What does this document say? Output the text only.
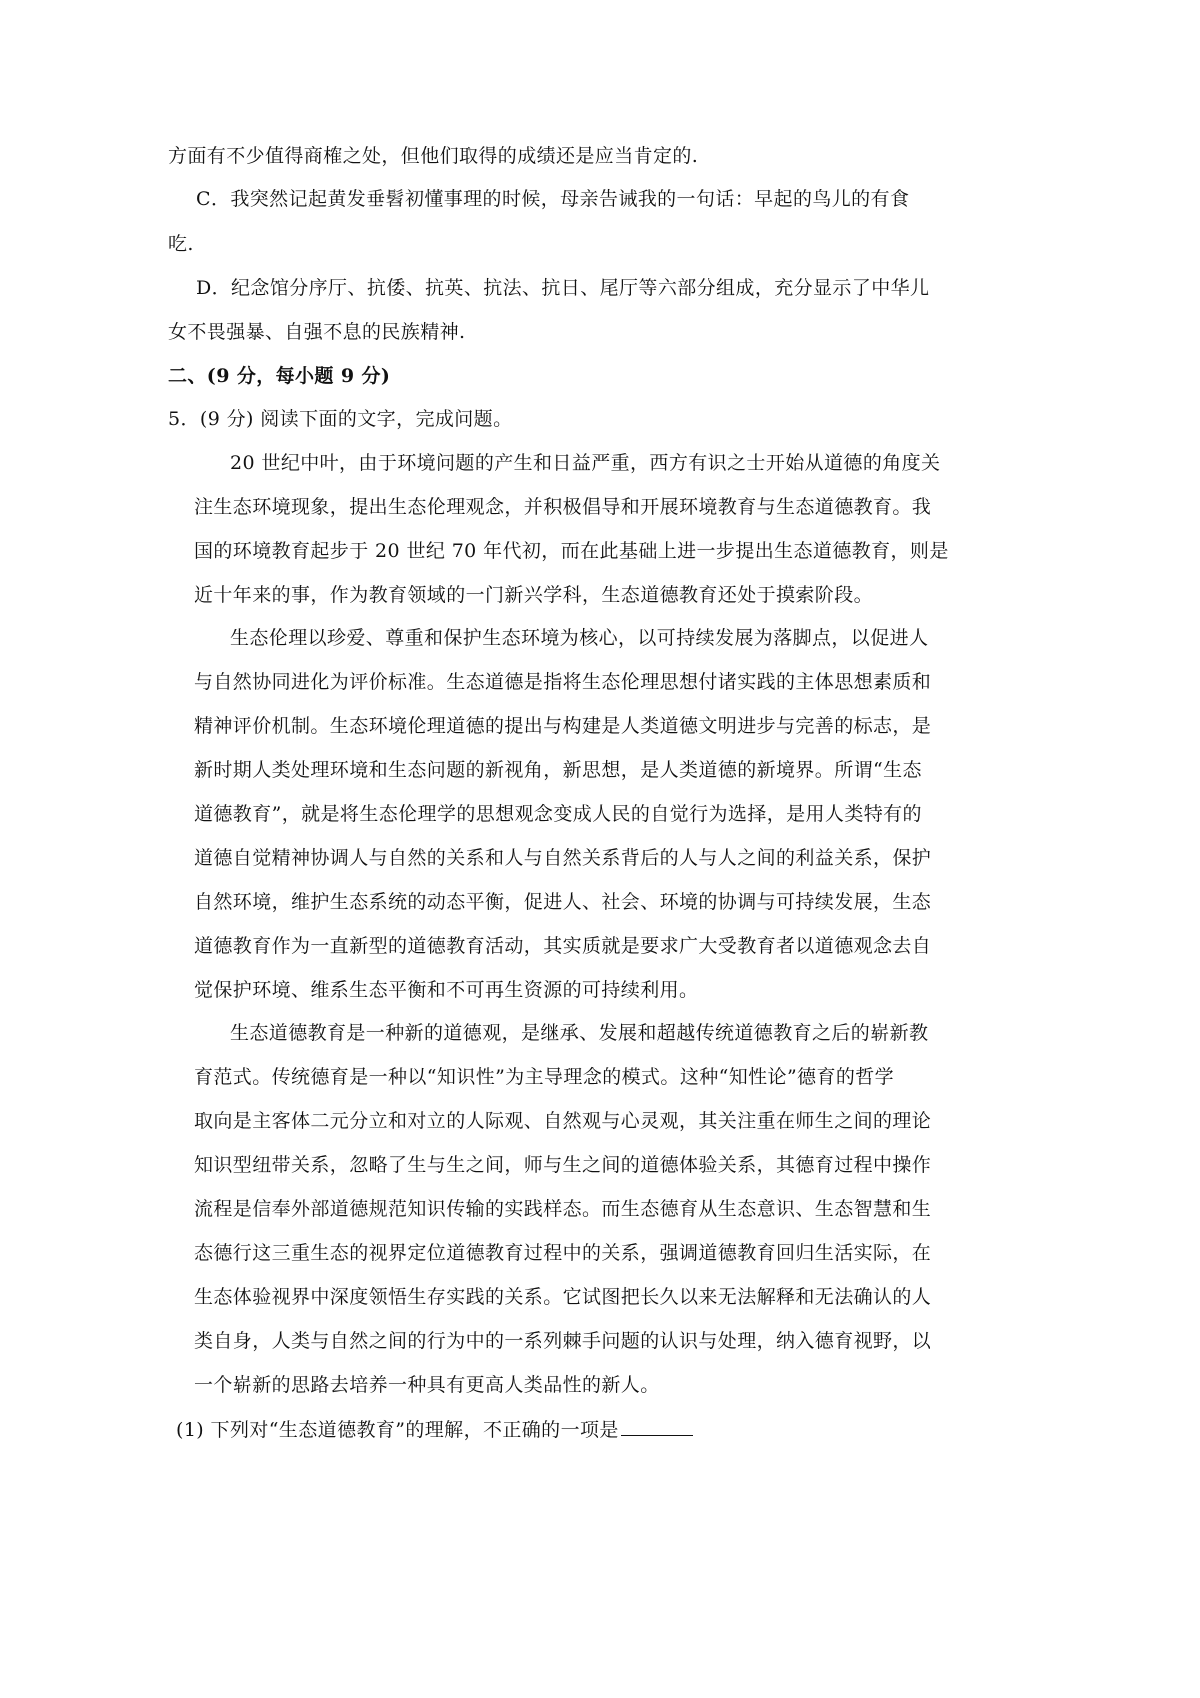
方面有不少值得商榷之处，但他们取得的成绩还是应当肯定的.
C．我突然记起黄发垂髫初懂事理的时候，母亲告诫我的一句话：早起的鸟儿的有食
吃.
D．纪念馆分序厅、抗倭、抗英、抗法、抗日、尾厅等六部分组成，充分显示了中华儿
女不畏强暴、自强不息的民族精神.
二、(9 分，每小题 9 分)
5．(9 分) 阅读下面的文字，完成问题。
20 世纪中叶，由于环境问题的产生和日益严重，西方有识之士开始从道德的角度关
注生态环境现象，提出生态伦理观念，并积极倡导和开展环境教育与生态道德教育。我
国的环境教育起步于 20 世纪 70 年代初，而在此基础上进一步提出生态道德教育，则是
近十年来的事，作为教育领域的一门新兴学科，生态道德教育还处于摸索阶段。
生态伦理以珍爱、尊重和保护生态环境为核心，以可持续发展为落脚点，以促进人
与自然协同进化为评价标准。生态道德是指将生态伦理思想付诸实践的主体思想素质和
精神评价机制。生态环境伦理道德的提出与构建是人类道德文明进步与完善的标志，是
新时期人类处理环境和生态问题的新视角，新思想，是人类道德的新境界。所谓“生态
道德教育”，就是将生态伦理学的思想观念变成人民的自觉行为选择，是用人类特有的
道德自觉精神协调人与自然的关系和人与自然关系背后的人与人之间的利益关系，保护
自然环境，维护生态系统的动态平衡，促进人、社会、环境的协调与可持续发展，生态
道德教育作为一直新型的道德教育活动，其实质就是要求广大受教育者以道德观念去自
觉保护环境、维系生态平衡和不可再生资源的可持续利用。
生态道德教育是一种新的道德观，是继承、发展和超越传统道德教育之后的崭新教
育范式。传统德育是一种以“知识性”为主导理念的模式。这种“知性论”德育的哲学
取向是主客体二元分立和对立的人际观、自然观与心灵观，其关注重在师生之间的理论
知识型纽带关系，忽略了生与生之间，师与生之间的道德体验关系，其德育过程中操作
流程是信奉外部道德规范知识传输的实践样态。而生态德育从生态意识、生态智慧和生
态德行这三重生态的视界定位道德教育过程中的关系，强调道德教育回归生活实际，在
生态体验视界中深度领悟生存实践的关系。它试图把长久以来无法解释和无法确认的人
类自身，人类与自然之间的行为中的一系列棘手问题的认识与处理，纳入德育视野，以
一个崭新的思路去培养一种具有更高人类品性的新人。
(1) 下列对“生态道德教育”的理解，不正确的一项是
